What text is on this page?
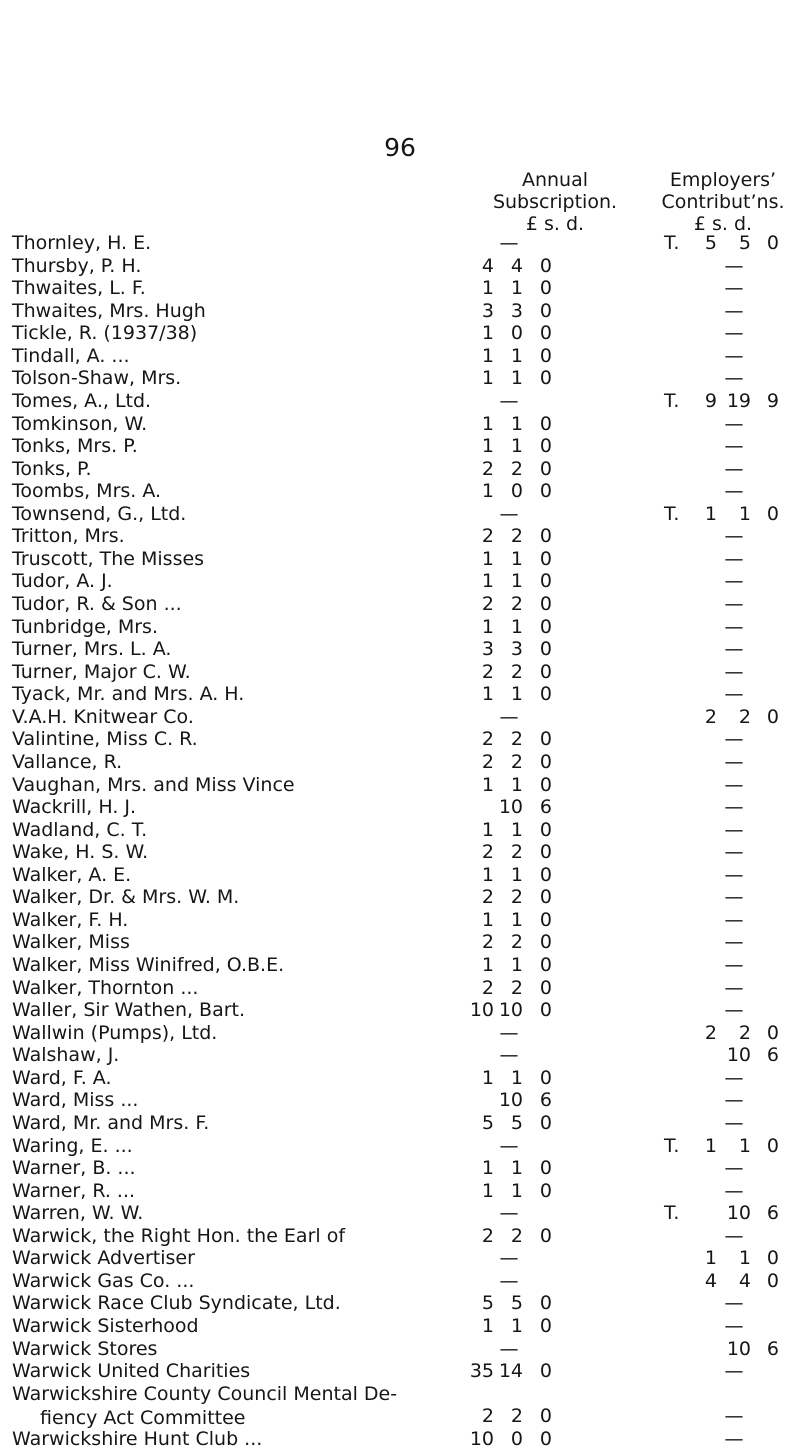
96
Annual
Subscription.
£ s. d.
Employers’
Contribut’ns.
£ s. d.
Thornley, H. E.	—	T.	5	5 0
Thursby, P. H.	4 4 0	—
Thwaites, L. F.	1 1 0	—
Thwaites, Mrs. Hugh	3 3 0	—
Tickle, R. (1937/38)	1 0 0	—
Tindall, A. ...	1 1 0	—
Tolson-Shaw, Mrs.	1 1 0	—
Tomes, A., Ltd.	—	T.	9 19 9
Tomkinson, W.	1 1 0	—
Tonks, Mrs. P.	1 1 0	—
Tonks, P.	2 2 0	—
Toombs, Mrs. A.	1 0 0	—
Townsend, G., Ltd.	—	T.	1	1 0
Tritton, Mrs.	2 2 0	—
Truscott, The Misses	1 1 0	—
Tudor, A. J.	1 1 0	—
Tudor, R. & Son ...	2 2 0	—
Tunbridge, Mrs.	1 1 0	—
Turner, Mrs. L. A.	3 3 0	—
Turner, Major C. W.	2 2 0	—
Tyack, Mr. and Mrs. A. H.	1 1 0	—
V.A.H. Knitwear Co.	—	2	2 0
Valintine, Miss C. R.	2 2 0	—
Vallance, R.	2 2 0	—
Vaughan, Mrs. and Miss Vince	1 1 0	—
Wackrill, H. J.	10 6	—
Wadland, C. T.	1 1 0	—
Wake, H. S. W.	2 2 0	—
Walker, A. E.	1 1 0	—
Walker, Dr. & Mrs. W. M.	2 2 0	—
Walker, F. H.	1 1 0	—
Walker, Miss	2 2 0	—
Walker, Miss Winifred, O.B.E.	1 1 0	—
Walker, Thornton ...	2 2 0	—
Waller, Sir Wathen, Bart.	10 10 0	—
Wallwin (Pumps), Ltd.	—	2	2 0
Walshaw, J.	—	10 6
Ward, F. A.	1 1 0	—
Ward, Miss ...	10 6	—
Ward, Mr. and Mrs. F.	5 5 0	—
Waring, E. ...	—	T.	1	1 0
Warner, B. ...	1 1 0	—
Warner, R. ...	1 1 0	—
Warren, W. W.	—	T.	10 6
Warwick, the Right Hon. the Earl of	2 2 0	—
Warwick Advertiser	—	1	1 0
Warwick Gas Co. ...	—	4	4 0
Warwick Race Club Syndicate, Ltd.	5 5 0	—
Warwick Sisterhood	1 1 0	—
Warwick Stores	—	10 6
Warwick United Charities	35 14 0	—
Warwickshire County Council Mental De-
fiency Act Committee	2 2 0	—
Warwickshire Hunt Club ...	10 0 0	—
